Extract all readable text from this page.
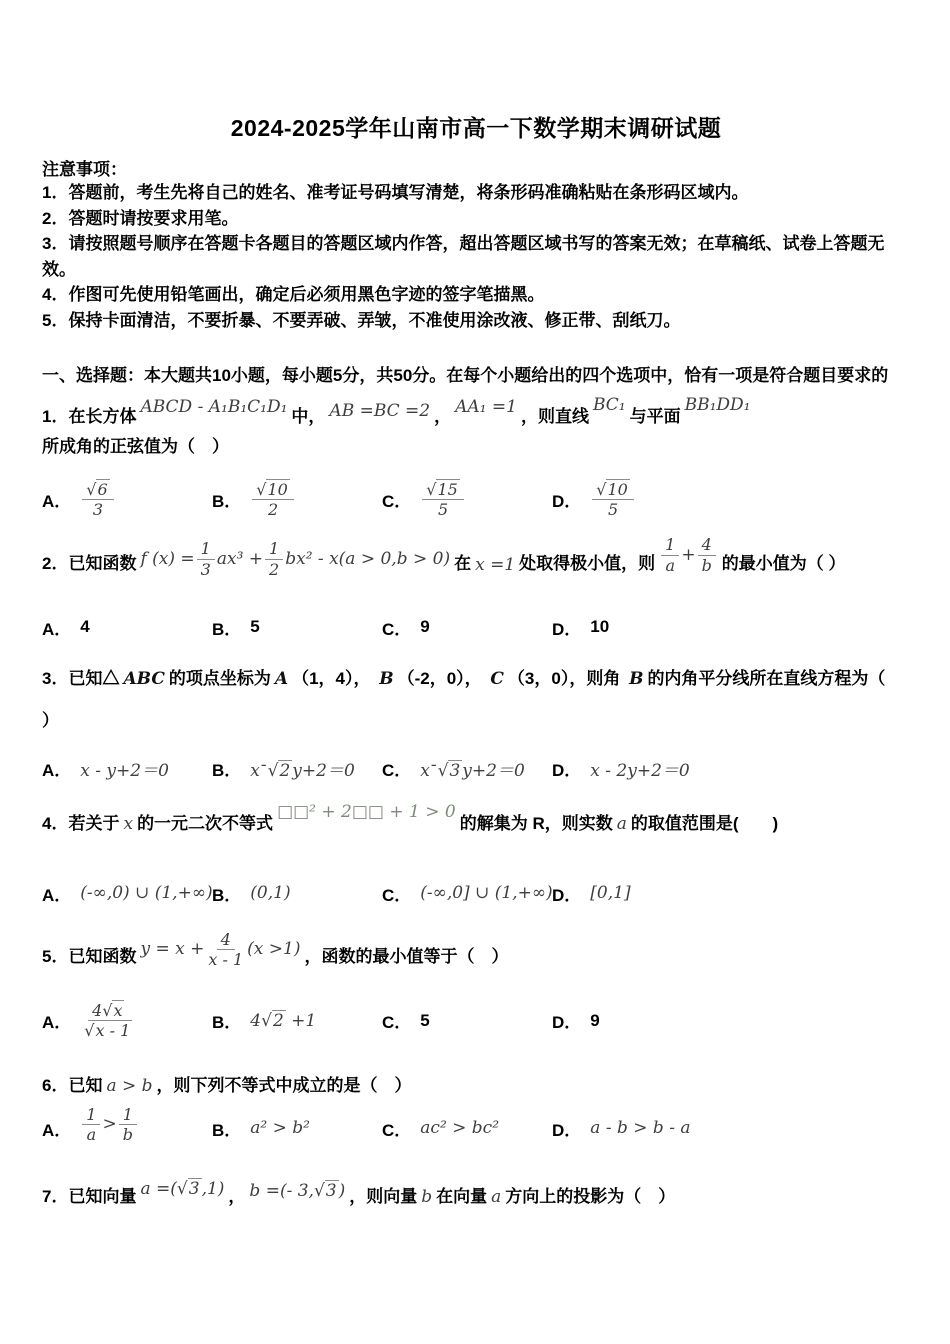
2024-2025学年山南市高一下数学期末调研试题
注意事项：
1．答题前，考生先将自己的姓名、准考证号码填写清楚，将条形码准确粘贴在条形码区域内。
2．答题时请按要求用笔。
3．请按照题号顺序在答题卡各题目的答题区域内作答，超出答题区域书写的答案无效；在草稿纸、试卷上答题无效。
4．作图可先使用铅笔画出，确定后必须用黑色字迹的签字笔描黑。
5．保持卡面清洁，不要折暴、不要弄破、弄皱，不准使用涂改液、修正带、刮纸刀。
一、选择题：本大题共10小题，每小题5分，共50分。在每个小题给出的四个选项中，恰有一项是符合题目要求的
1．在长方体 ABCD - A₁B₁C₁D₁ 中， AB =BC =2 ， AA₁ =1 ，则直线BC₁与平面BB₁DD₁所成角的正弦值为（　）
A． $\frac{√6}{3}$	B． $\frac{√10}{2}$	C． $\frac{√15}{5}$	D． $\frac{√10}{5}$
2．已知函数 f $(x) = \frac{1}{3} ax^3 + \frac{1}{2} bx^2 - x(a > 0,b > 0)$ 在 x =1 处取得极小值，则 $\frac{1}{a} + \frac{4}{b}$ 的最小值为（ ）
A． 4	B． 5	C． 9	D． 10
3．已知△ ABC 的项点坐标为 A （1，4）， B （-2，0）， C （3，0），则角 B 的内角平分线所在直线方程为（
）
A． x - y+2＝0	B． x-√2 y+2＝0 C． x-√3 y+2＝0 D． x - 2y+2＝0
4．若关于 x 的一元二次不等式□□² + 2□□ + 1 > 0的解集为 R，则实数 a 的取值范围是(　　)
A． (-∞,0) ∪ (1,+∞) B． (0,1)	C． (-∞,0] ∪ (1,+∞) D． [0,1]
5．已知函数 $y = x + \frac{4}{x - 1} (x >1)$ ，函数的最小值等于（　）
A． $\frac{4√x}{√x - 1}$	B． 4√2 +1	C． 5	D． 9
6．已知 a > b ，则下列不等式中成立的是（　）
A． $\frac{1}{a} > \frac{1}{b}$	B． a² > b²	C． ac² > bc²	D． a - b > b - a
7．已知向量 a =(√3 ,1) ， b =(- 3,√3 ) ，则向量 b 在向量 a 方向上的投影为（　）
